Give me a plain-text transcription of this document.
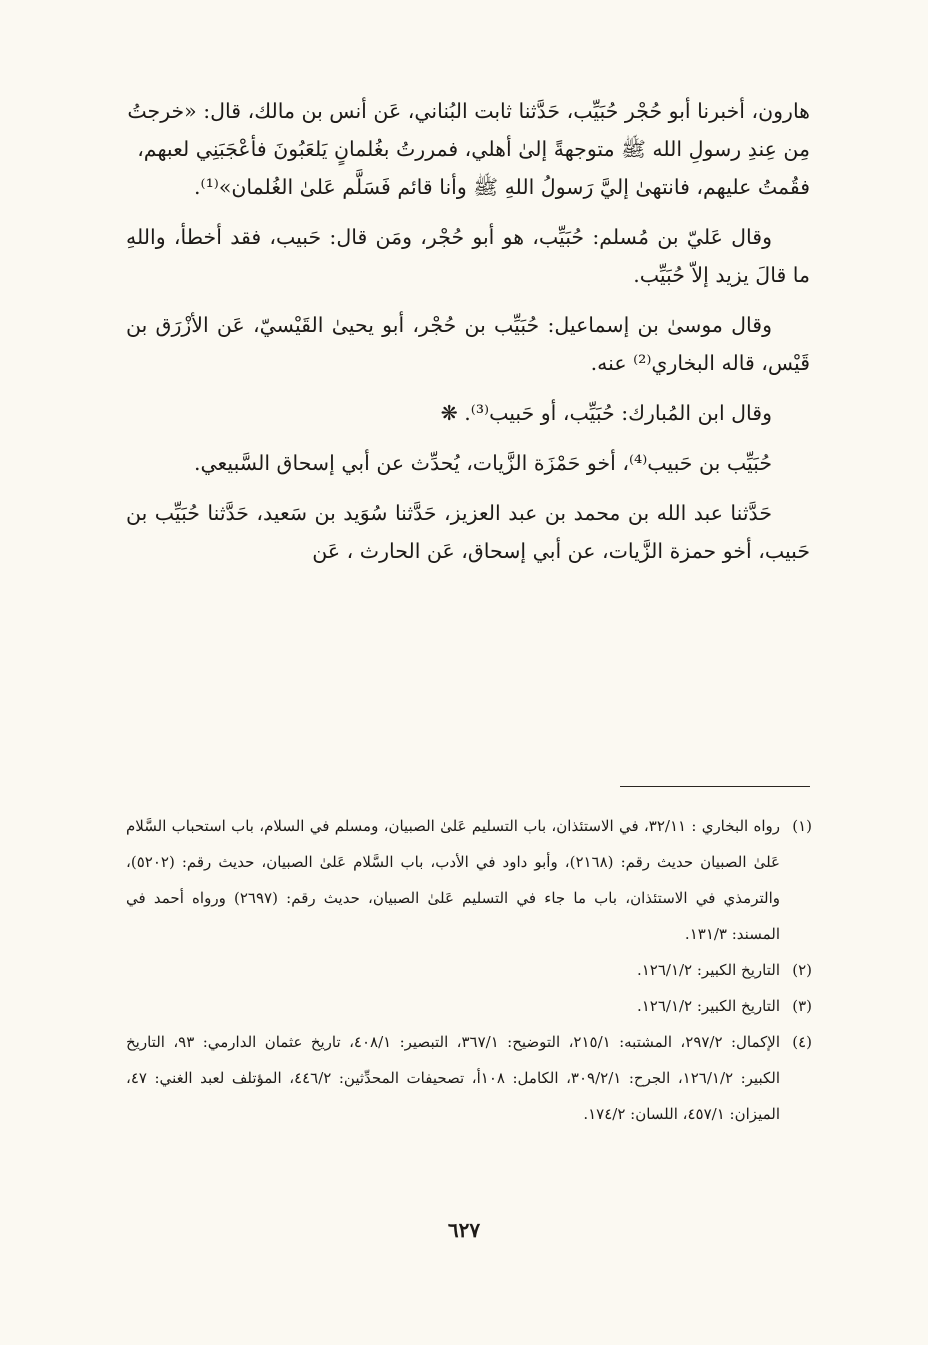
هارون، أخبرنا أبو حُجْر حُبَيِّب، حَدَّثنا ثابت البُناني، عَن أنس بن مالك، قال: «خرجتُ مِن عِندِ رسولِ الله ﷺ متوجهةً إلىٰ أهلي، فمررتُ بغُلمانٍ يَلعَبُونَ فأعْجَبَنِي لعبهم، فقُمتُ عليهم، فانتهىٰ إليَّ رَسولُ اللهِ ﷺ وأنا قائم فَسَلَّم عَلىٰ الغُلمان»⁽¹⁾.

وقال عَليّ بن مُسلم: حُبَيِّب، هو أبو حُجْر، ومَن قال: حَبيب، فقد أخطأ، واللهِ ما قالَ يزيد إلاّ حُبَيِّب.

وقال موسىٰ بن إسماعيل: حُبَيِّب بن حُجْر، أبو يحيىٰ القَيْسيّ، عَن الأزْرَق بن قَيْس، قاله البخاري⁽²⁾ عنه.

وقال ابن المُبارك: حُبَيِّب، أو حَبيب⁽³⁾. ❋

حُبَيِّب بن حَبيب⁽⁴⁾، أخو حَمْزَة الزَّيات، يُحدِّث عن أبي إسحاق السَّبيعي.

حَدَّثنا عبد الله بن محمد بن عبد العزيز، حَدَّثنا سُوَيد بن سَعيد، حَدَّثنا حُبَيِّب بن حَبيب، أخو حمزة الزَّيات، عن أبي إسحاق، عَن الحارث ، عَن

(١)
رواه البخاري : ٣٢/١١، في الاستئذان، باب التسليم عَلىٰ الصبيان، ومسلم في السلام، باب استحباب السَّلام عَلىٰ الصبيان حديث رقم: (٢١٦٨)، وأبو داود في الأدب، باب السَّلام عَلىٰ الصبيان، حديث رقم: (٥٢٠٢)، والترمذي في الاستئذان، باب ما جاء في التسليم عَلىٰ الصبيان، حديث رقم: (٢٦٩٧) ورواه أحمد في المسند: ١٣١/٣.
(٢)
التاريخ الكبير: ١٢٦/١/٢.
(٣)
التاريخ الكبير: ١٢٦/١/٢.
(٤)
الإكمال: ٢٩٧/٢، المشتبه: ٢١٥/١، التوضيح: ٣٦٧/١، التبصير: ٤٠٨/١، تاريخ عثمان الدارمي: ٩٣، التاريخ الكبير: ١٢٦/١/٢، الجرح: ٣٠٩/٢/١، الكامل: ١٠٨أ، تصحيفات المحدِّثين: ٤٤٦/٢، المؤتلف لعبد الغني: ٤٧، الميزان: ٤٥٧/١، اللسان: ١٧٤/٢.
٦٢٧
